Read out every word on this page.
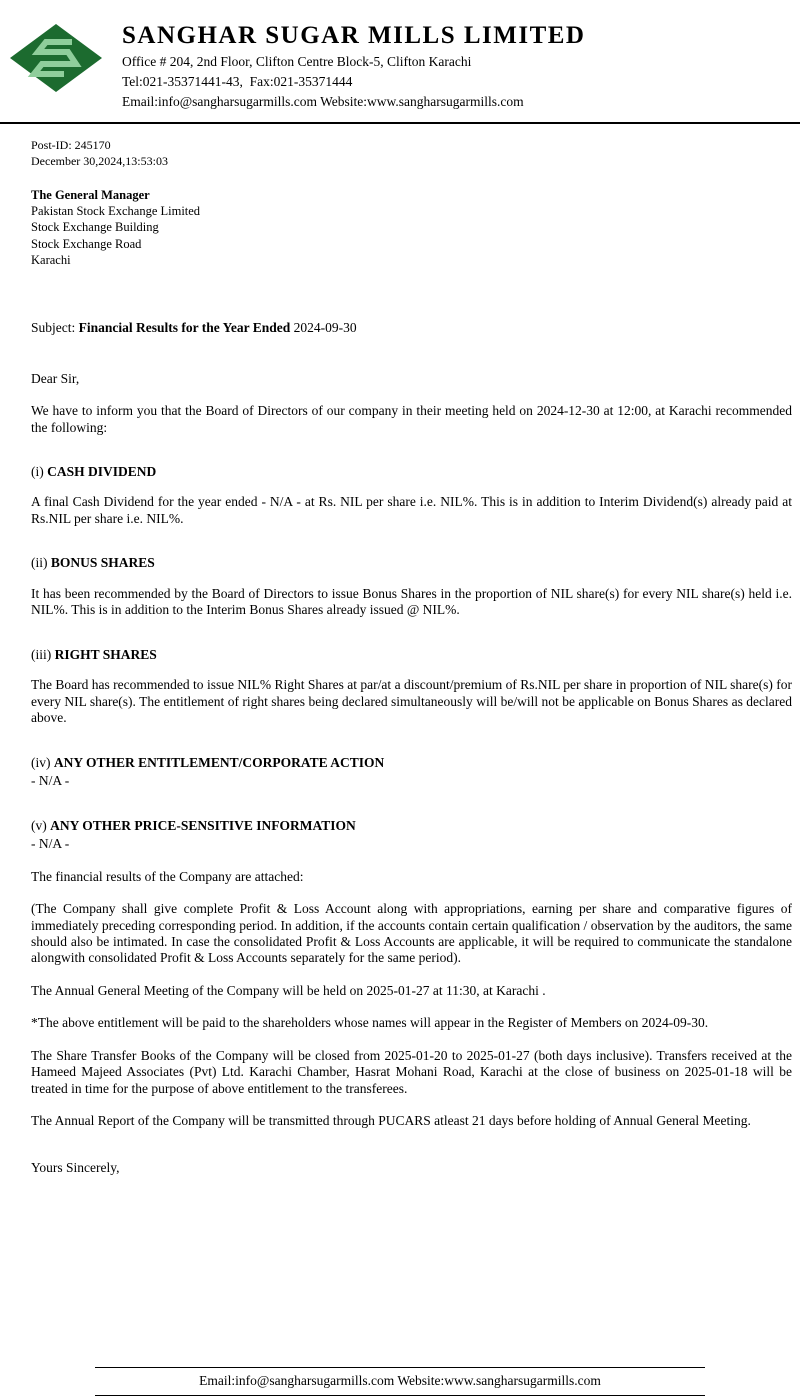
SANGHAR SUGAR MILLS LIMITED
Office # 204, 2nd Floor, Clifton Centre Block-5, Clifton Karachi
Tel:021-35371441-43,  Fax:021-35371444
Email:info@sangharsugarmills.com Website:www.sangharsugarmills.com
Post-ID: 245170
December 30,2024,13:53:03
The General Manager
Pakistan Stock Exchange Limited
Stock Exchange Building
Stock Exchange Road
Karachi
Subject: Financial Results for the Year Ended 2024-09-30
Dear Sir,

We have to inform you that the Board of Directors of our company in their meeting held on 2024-12-30 at 12:00, at Karachi recommended the following:

(i) CASH DIVIDEND

A final Cash Dividend for the year ended - N/A - at Rs. NIL per share i.e. NIL%. This is in addition to Interim Dividend(s) already paid at Rs.NIL per share i.e. NIL%.

(ii) BONUS SHARES

It has been recommended by the Board of Directors to issue Bonus Shares in the proportion of NIL share(s) for every NIL share(s) held i.e. NIL%. This is in addition to the Interim Bonus Shares already issued @ NIL%.

(iii) RIGHT SHARES

The Board has recommended to issue NIL% Right Shares at par/at a discount/premium of Rs.NIL per share in proportion of NIL share(s) for every NIL share(s). The entitlement of right shares being declared simultaneously will be/will not be applicable on Bonus Shares as declared above.

(iv) ANY OTHER ENTITLEMENT/CORPORATE ACTION

- N/A -

(v) ANY OTHER PRICE-SENSITIVE INFORMATION

- N/A -

The financial results of the Company are attached:

(The Company shall give complete Profit & Loss Account along with appropriations, earning per share and comparative figures of immediately preceding corresponding period. In addition, if the accounts contain certain qualification / observation by the auditors, the same should also be intimated. In case the consolidated Profit & Loss Accounts are applicable, it will be required to communicate the standalone alongwith consolidated Profit & Loss Accounts separately for the same period).

The Annual General Meeting of the Company will be held on 2025-01-27 at 11:30, at Karachi .

*The above entitlement will be paid to the shareholders whose names will appear in the Register of Members on 2024-09-30.

The Share Transfer Books of the Company will be closed from 2025-01-20 to 2025-01-27 (both days inclusive). Transfers received at the Hameed Majeed Associates (Pvt) Ltd. Karachi Chamber, Hasrat Mohani Road, Karachi at the close of business on 2025-01-18 will be treated in time for the purpose of above entitlement to the transferees.

The Annual Report of the Company will be transmitted through PUCARS atleast 21 days before holding of Annual General Meeting.

Yours Sincerely,
Email:info@sangharsugarmills.com Website:www.sangharsugarmills.com
